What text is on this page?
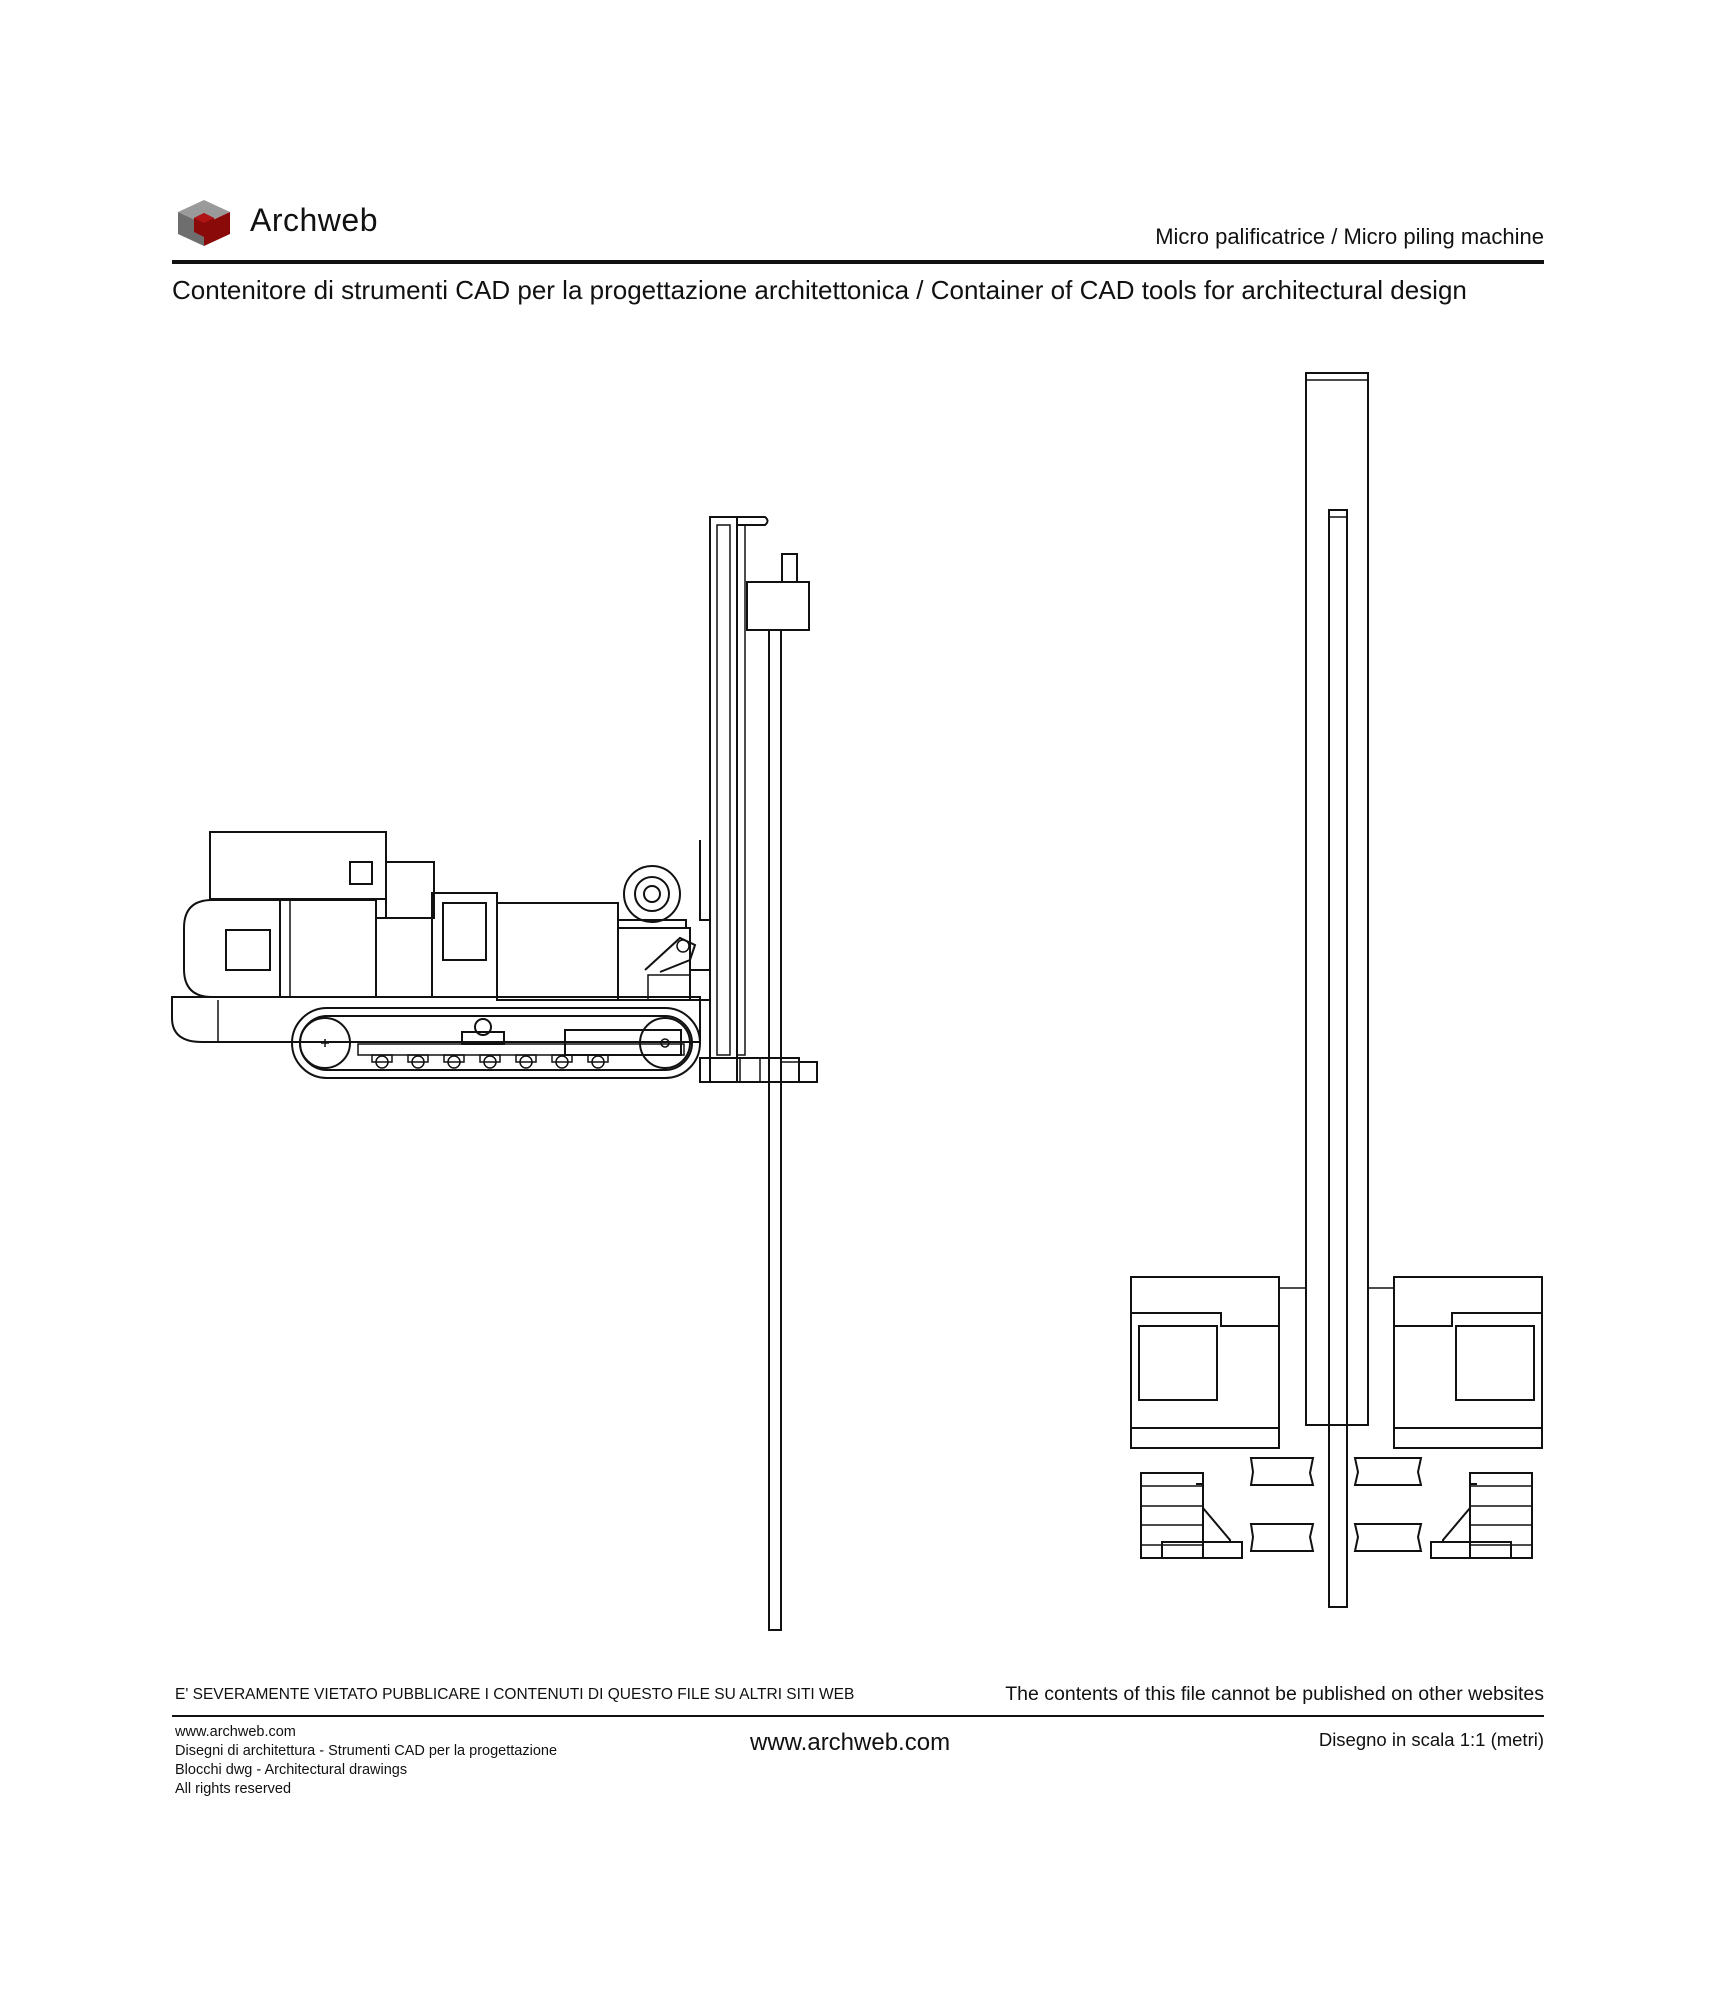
Archweb	Micro palificatrice / Micro piling machine
Contenitore di strumenti CAD per la progettazione architettonica / Container of CAD tools for architectural design
E' SEVERAMENTE VIETATO PUBBLICARE I CONTENUTI DI QUESTO FILE SU ALTRI SITI WEB	The contents of this file cannot be published on other websites
www.archweb.com
Disegni di architettura - Strumenti CAD per la progettazione
Blocchi dwg - Architectural drawings
All rights reserved
www.archweb.com	Disegno in scala 1:1 (metri)
